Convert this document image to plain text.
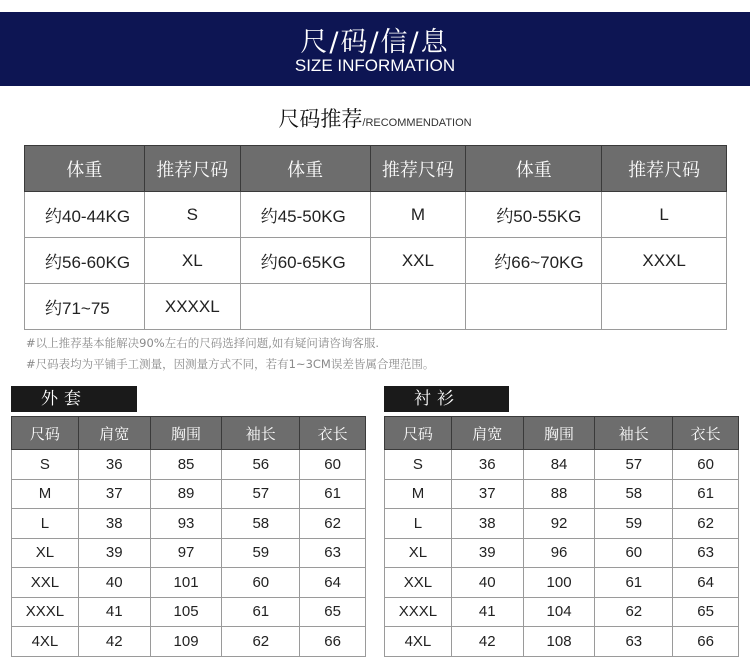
尺/码/信/息
SIZE INFORMATION
尺码推荐/RECOMMENDATION
体重	推荐尺码	体重	推荐尺码	体重	推荐尺码
约40-44KG	S	约45-50KG	M	约50-55KG	L
约56-60KG	XL	约60-65KG	XXL	约66~70KG	XXXL
约71~75	XXXXL				
#以上推荐基本能解决90%左右的尺码选择问题,如有疑问请咨询客服.
#尺码表均为平铺手工测量，因测量方式不同，若有1~3CM误差皆属合理范围。
外套	衬衫
尺码	肩宽	胸围	袖长	衣长
S	36	85	56	60
M	37	89	57	61
L	38	93	58	62
XL	39	97	59	63
XXL	40	101	60	64
XXXL	41	105	61	65
4XL	42	109	62	66
尺码	肩宽	胸围	袖长	衣长
S	36	84	57	60
M	37	88	58	61
L	38	92	59	62
XL	39	96	60	63
XXL	40	100	61	64
XXXL	41	104	62	65
4XL	42	108	63	66
